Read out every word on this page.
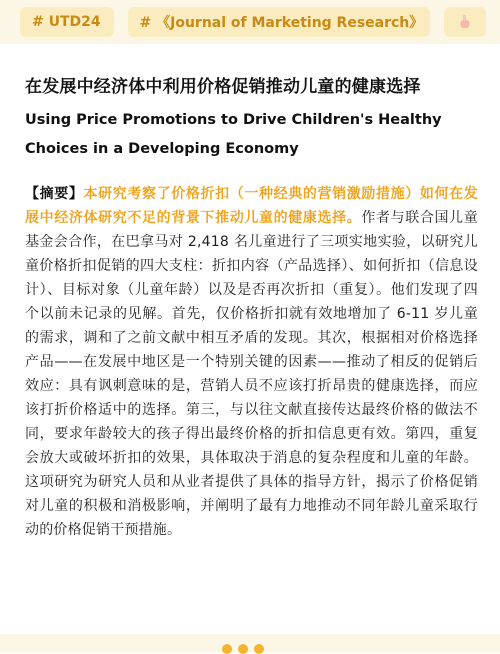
# UTD24	# 《Journal of Marketing Research》
在发展中经济体中利用价格促销推动儿童的健康选择
Using Price Promotions to Drive Children's Healthy Choices in a Developing Economy

【摘要】本研究考察了价格折扣（一种经典的营销激励措施）如何在发展中经济体研究不足的背景下推动儿童的健康选择。作者与联合国儿童基金会合作，在巴拿马对 2,418 名儿童进行了三项实地实验，以研究儿童价格折扣促销的四大支柱：折扣内容（产品选择）、如何折扣（信息设计）、目标对象（儿童年龄）以及是否再次折扣（重复）。他们发现了四个以前未记录的见解。首先，仅价格折扣就有效地增加了 6-11 岁儿童的需求，调和了之前文献中相互矛盾的发现。其次，根据相对价格选择产品——在发展中地区是一个特别关键的因素——推动了相反的促销后效应：具有讽刺意味的是，营销人员不应该打折昂贵的健康选择，而应该打折价格适中的选择。第三，与以往文献直接传达最终价格的做法不同，要求年龄较大的孩子得出最终价格的折扣信息更有效。第四，重复会放大或破坏折扣的效果，具体取决于消息的复杂程度和儿童的年龄。这项研究为研究人员和从业者提供了具体的指导方针，揭示了价格促销对儿童的积极和消极影响，并阐明了最有力地推动不同年龄儿童采取行动的价格促销干预措施。
